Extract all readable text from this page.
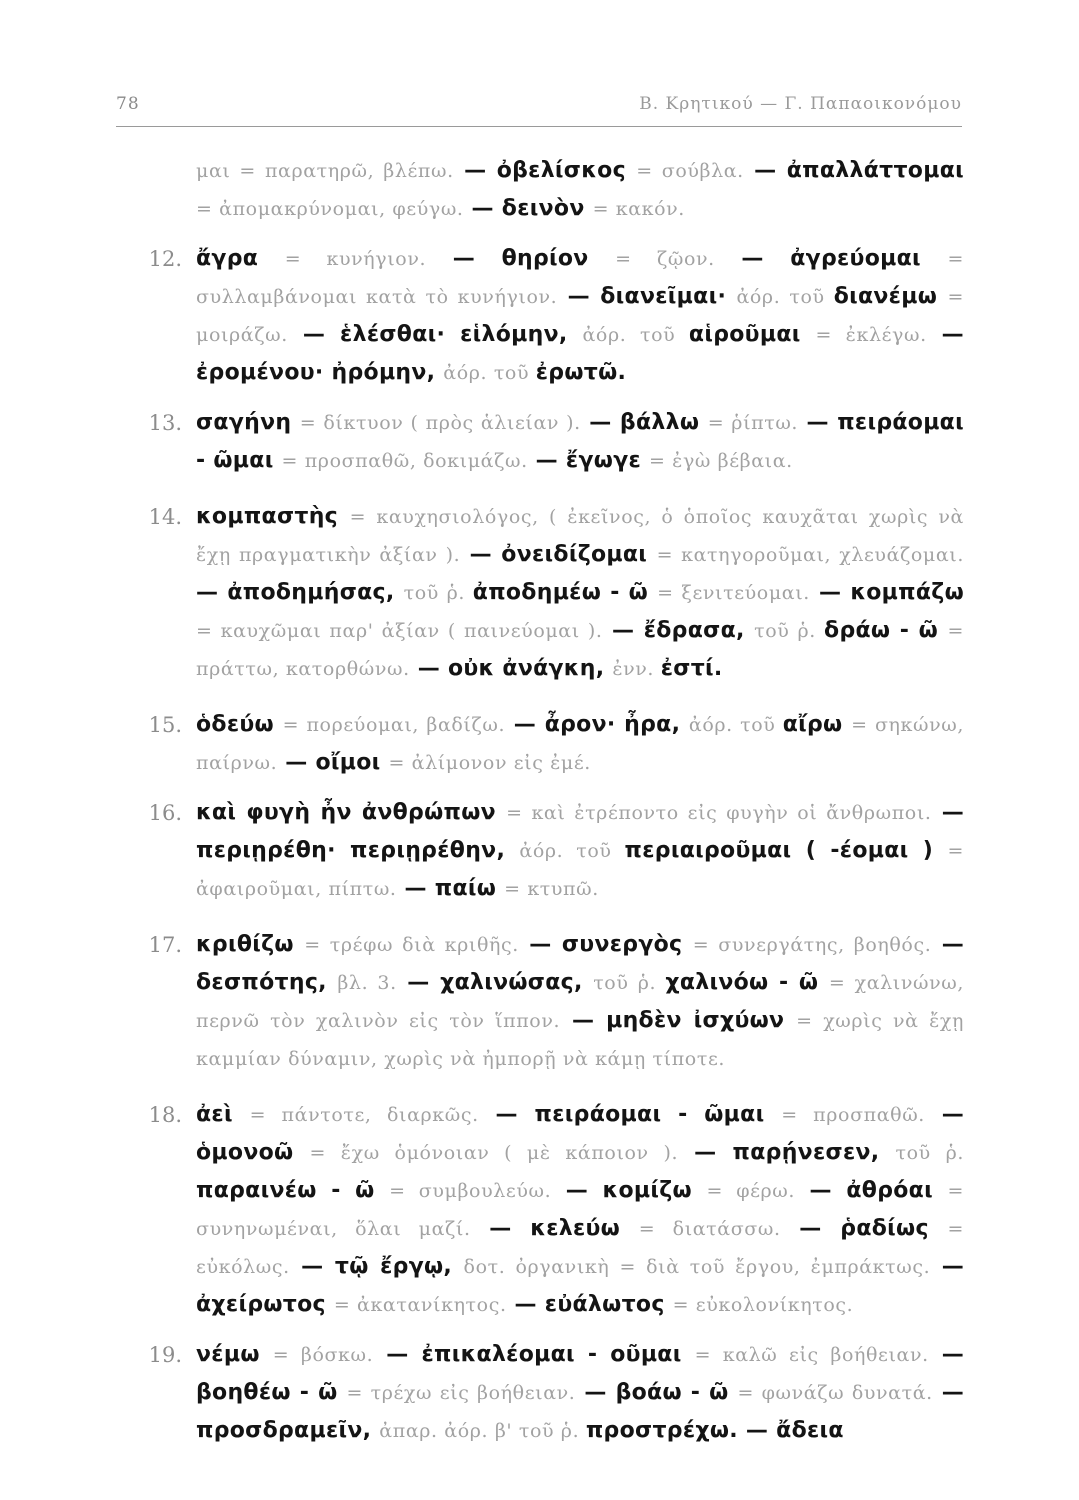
78	Β. Κρητικού — Γ. Παπαοικονόμου

μαι = παρατηρῶ, βλέπω. — ὀβελίσκος = σούβλα. — ἀπαλλάττομαι = ἀπομακρύνομαι, φεύγω. — δεινὸν = κακόν.

12. ἄγρα = κυνήγιον. — θηρίον = ζῷον. — ἀγρεύομαι = συλλαμβάνομαι κατὰ τὸ κυνήγιον. — διανεῖμαι· ἀόρ. τοῦ διανέμω = μοιράζω. — ἑλέσθαι· εἱλόμην, ἀόρ. τοῦ αἱροῦμαι = ἐκλέγω. — ἐρομένου· ἠρόμην, ἀόρ. τοῦ ἐρωτῶ.

13. σαγήνη = δίκτυον ( πρὸς ἁλιείαν ). — βάλλω = ῥίπτω. — πειράομαι - ῶμαι = προσπαθῶ, δοκιμάζω. — ἔγωγε = ἐγὼ βέβαια.

14. κομπαστὴς = καυχησιολόγος, ( ἐκεῖνος, ὁ ὁποῖος καυχᾶται χωρὶς νὰ ἔχῃ πραγματικὴν ἀξίαν ). — ὀνειδίζομαι = κατηγοροῦμαι, χλευάζομαι. — ἀποδημήσας, τοῦ ῥ. ἀποδημέω - ῶ = ξενιτεύομαι. — κομπάζω = καυχῶμαι παρ' ἀξίαν ( παινεύομαι ). — ἔδρασα, τοῦ ῥ. δράω - ῶ = πράττω, κατορθώνω. — οὐκ ἀνάγκη, ἐνν. ἐστί.

15. ὁδεύω = πορεύομαι, βαδίζω. — ἆρον· ἦρα, ἀόρ. τοῦ αἴρω = σηκώνω, παίρνω. — οἴμοι = ἀλίμονον εἰς ἐμέ.

16. καὶ φυγὴ ἦν ἀνθρώπων = καὶ ἐτρέποντο εἰς φυγὴν οἱ ἄνθρωποι. — περιῃρέθη· περιῃρέθην, ἀόρ. τοῦ περιαιροῦμαι ( -έομαι ) = ἀφαιροῦμαι, πίπτω. — παίω = κτυπῶ.

17. κριθίζω = τρέφω διὰ κριθῆς. — συνεργὸς = συνεργάτης, βοηθός. — δεσπότης, βλ. 3. — χαλινώσας, τοῦ ῥ. χαλινόω - ῶ = χαλινώνω, περνῶ τὸν χαλινὸν εἰς τὸν ἵππον. — μηδὲν ἰσχύων = χωρὶς νὰ ἔχῃ καμμίαν δύναμιν, χωρὶς νὰ ἠμπορῇ νὰ κάμῃ τίποτε.

18. ἀεὶ = πάντοτε, διαρκῶς. — πειράομαι - ῶμαι = προσπαθῶ. — ὁμονοῶ = ἔχω ὁμόνοιαν ( μὲ κάποιον ). — παρῄνεσεν, τοῦ ῥ. παραινέω - ῶ = συμβουλεύω. — κομίζω = φέρω. — ἀθρόαι = συνηνωμέναι, ὅλαι μαζί. — κελεύω = διατάσσω. — ῥαδίως = εὐκόλως. — τῷ ἔργῳ, δοτ. ὀργανικὴ = διὰ τοῦ ἔργου, ἐμπράκτως. — ἀχείρωτος = ἀκατανίκητος. — εὐάλωτος = εὐκολονίκητος.

19. νέμω = βόσκω. — ἐπικαλέομαι - οῦμαι = καλῶ εἰς βοήθειαν. — βοηθέω - ῶ = τρέχω εἰς βοήθειαν. — βοάω - ῶ = φωνάζω δυνατά. — προσδραμεῖν, ἀπαρ. ἀόρ. β' τοῦ ῥ. προστρέχω. — ἄδεια
